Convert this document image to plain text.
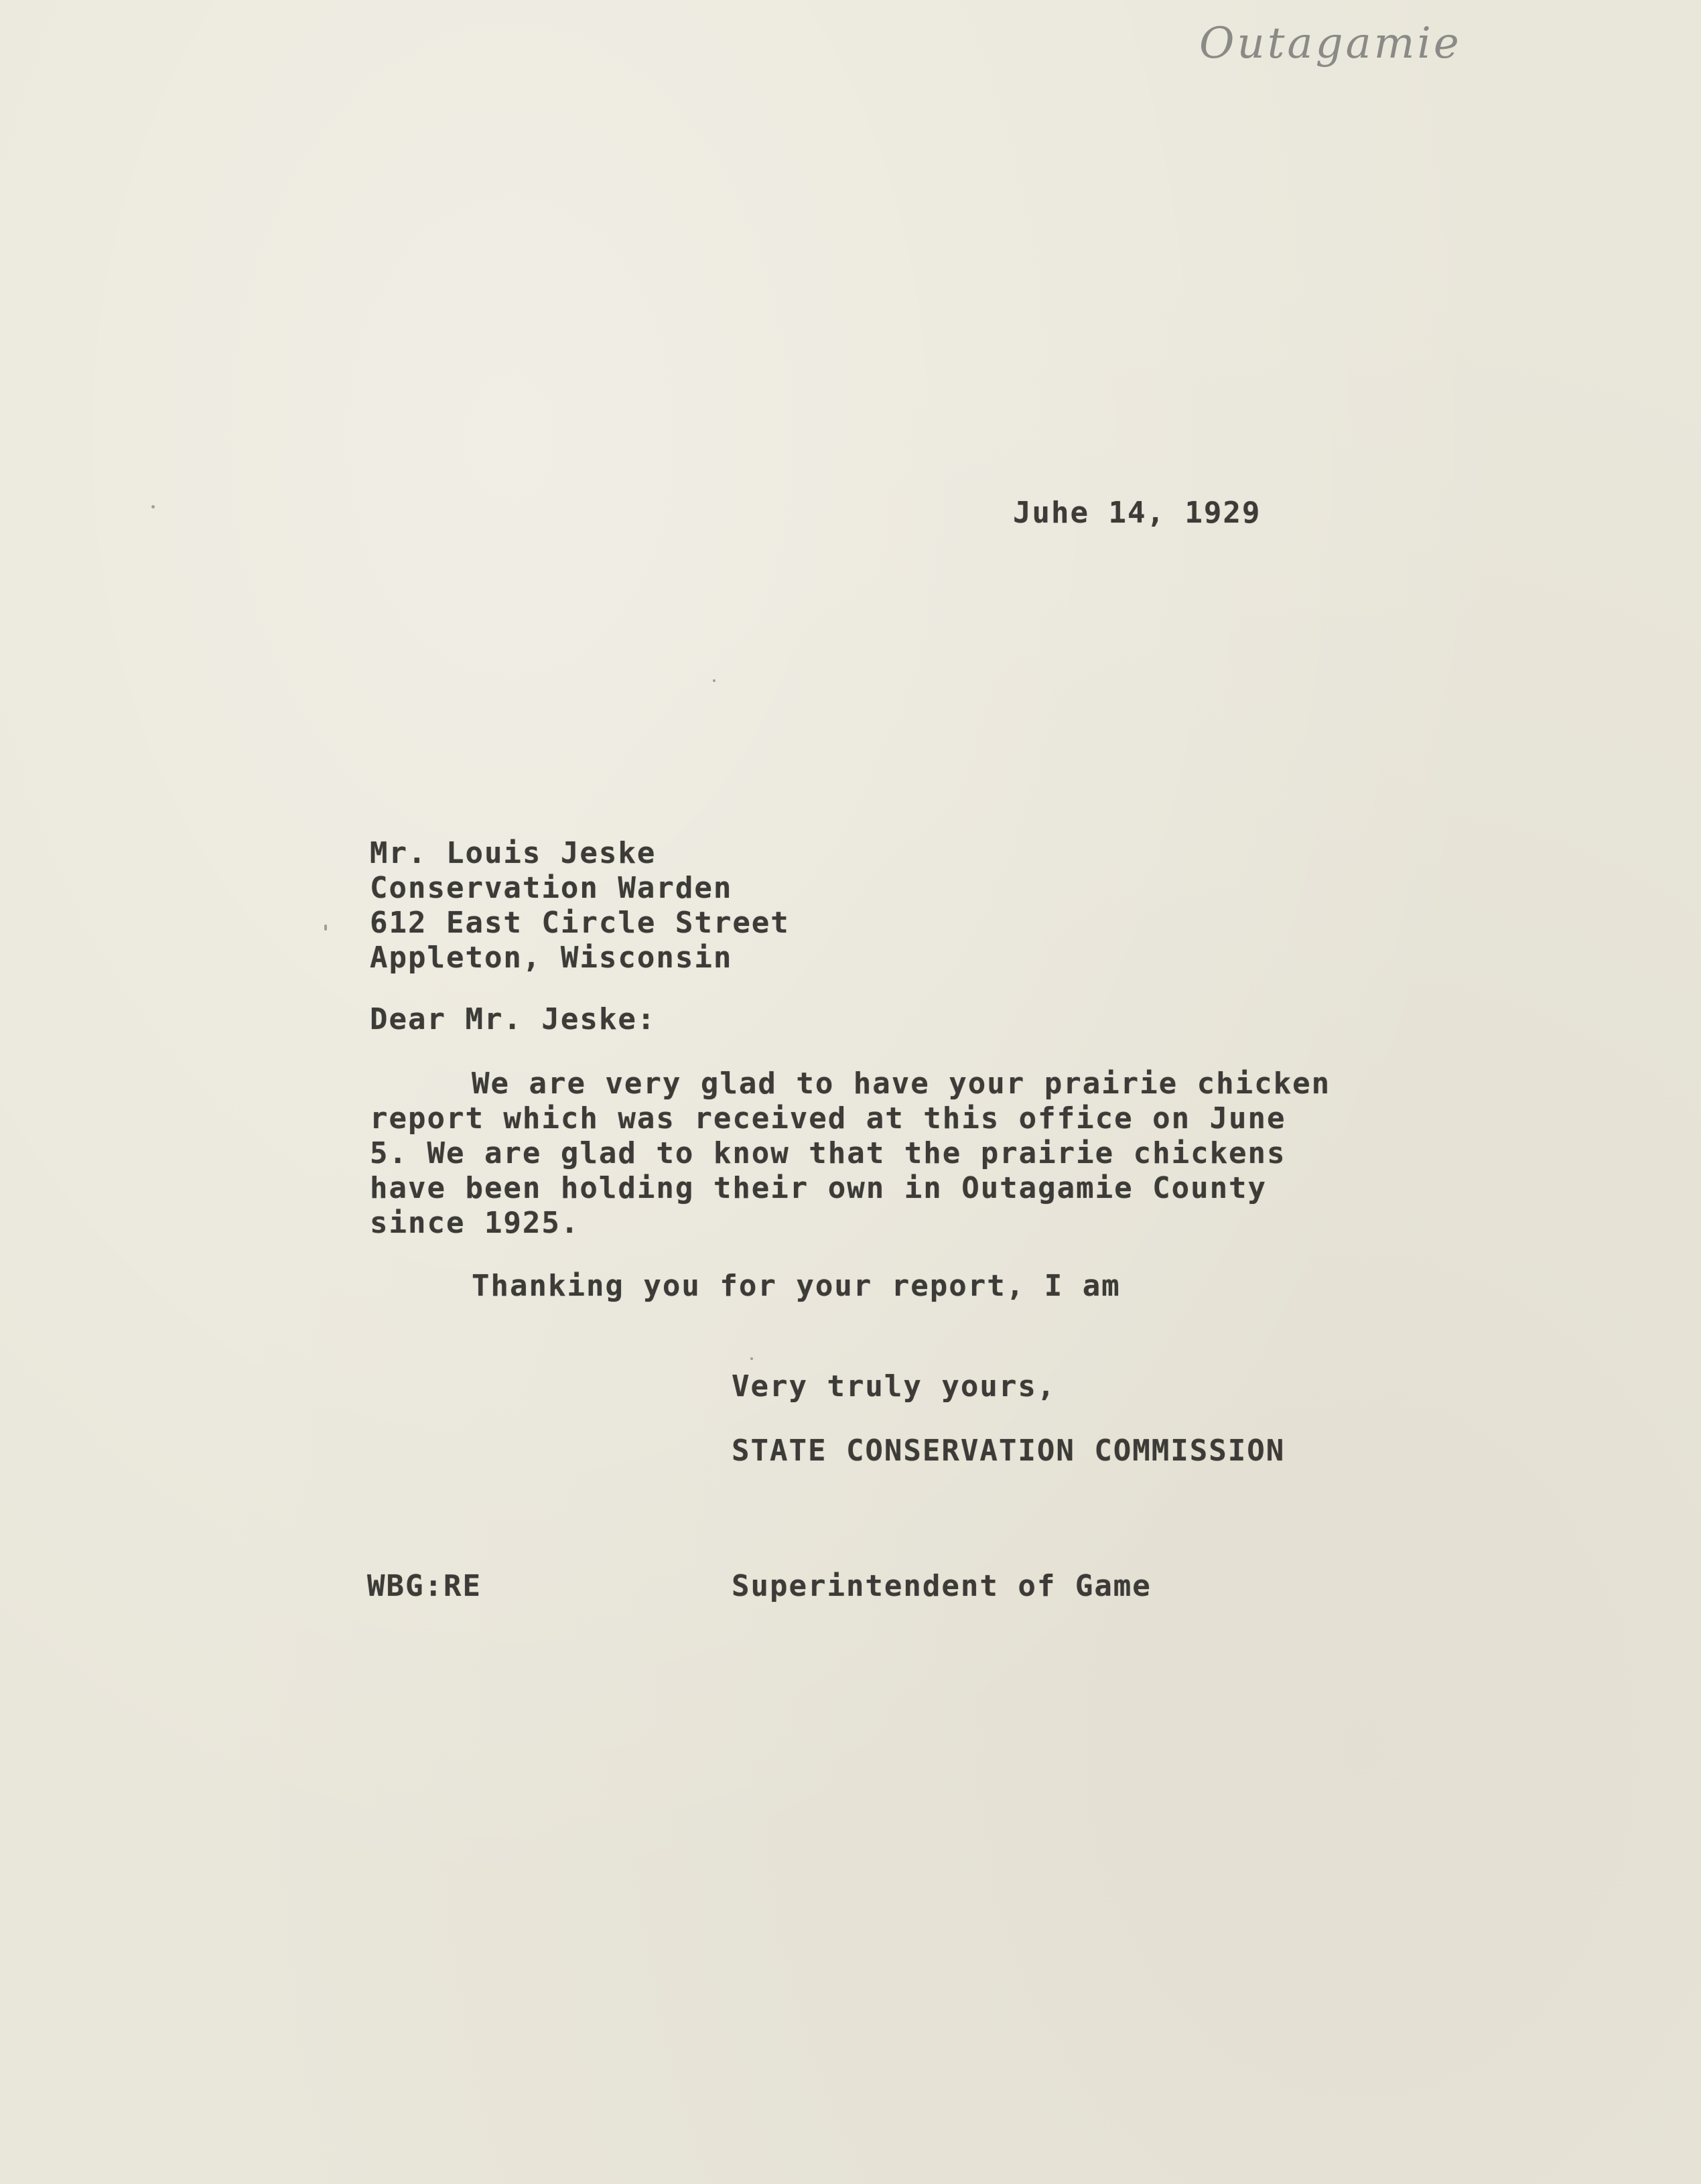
Outagamie
Juhe 14, 1929
Mr. Louis Jeske
Conservation Warden
612 East Circle Street
Appleton, Wisconsin
Dear Mr. Jeske:
We are very glad to have your prairie chicken
report which was received at this office on June
5. We are glad to know that the prairie chickens
have been holding their own in Outagamie County
since 1925.
Thanking you for your report, I am
Very truly yours,
STATE CONSERVATION COMMISSION
WBG:RE	Superintendent of Game
